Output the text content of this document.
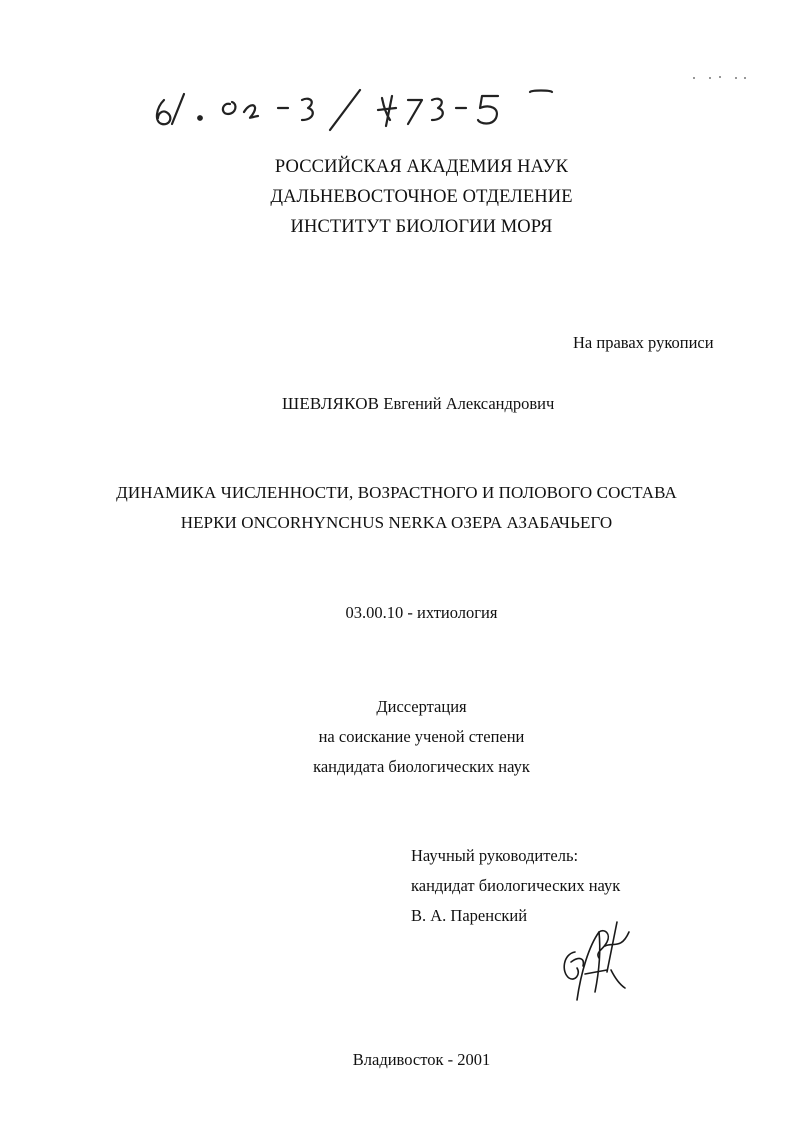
РОССИЙСКАЯ АКАДЕМИЯ НАУК
ДАЛЬНЕВОСТОЧНОЕ ОТДЕЛЕНИЕ
ИНСТИТУТ БИОЛОГИИ МОРЯ
На правах рукописи
ШЕВЛЯКОВ Евгений Александрович
ДИНАМИКА ЧИСЛЕННОСТИ, ВОЗРАСТНОГО И ПОЛОВОГО СОСТАВА
НЕРКИ ONCORHYNCHUS NERKA ОЗЕРА АЗАБАЧЬЕГО
03.00.10 - ихтиология
Диссертация
на соискание ученой степени
кандидата биологических наук
Научный руководитель:
кандидат биологических наук
В. А. Паренский
Владивосток - 2001
